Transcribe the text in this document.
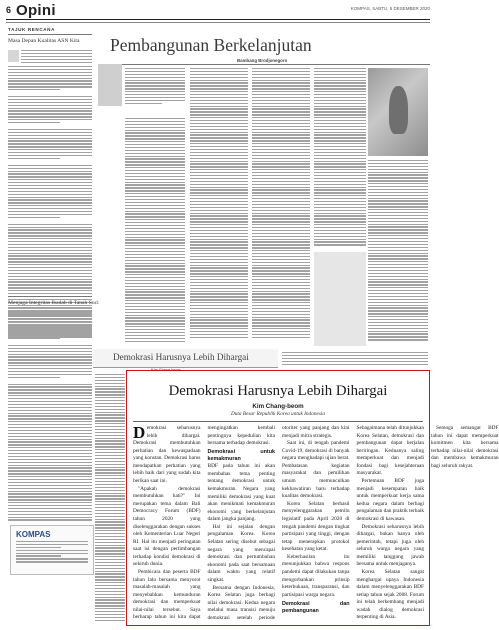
6 Opini	KOMPAS, SABTU, 5 DESEMBER 2020
TAJUK RENCANA
Masa Depan Kualitas ASN Kita
Menjaga Integritas Ibadah di Tanah Suci
KOMPAS
Pembangunan Berkelanjutan
Bambang Brodjonegoro
Demokrasi Harusnya Lebih Dihargai
Demokrasi Harusnya Lebih Dihargai
Kim Chang-beom
Duta Besar Republik Korea untuk Indonesia

Demokrasi seharusnya lebih dihargai. Demokrasi membutuhkan perhatian dan kewaspadaan yang konstan. Demokrasi harus mendapatkan perhatian yang lebih baik dari yang sudah kita berikan saat ini.

"Apakah demokrasi membutuhkan hati?" Ini merupakan tema dalam Bali Democracy Forum (BDF) tahun 2020 yang diselenggarakan dengan sukses oleh Kementerian Luar Negeri RI. Hal itu menjadi peringatan saat isi dengan pertimbangan terhadap kondisi demokrasi di seluruh dunia.

Pembicara dan peserta BDF tahun lalu bersama menyorot masalah-masalah yang menyebabkan kemunduran demokrasi dan memperkuat nilai-nilai tersebut. Saya berharap tahun ini kita dapat mengingatkan kembali pentingnya kepedulian kita bersama terhadap demokrasi.

Demokrasi untuk kemakmuran

BDF pada tahun ini akan membahas tema penting tentang demokrasi untuk kemakmuran. Negara yang memiliki demokrasi yang kuat akan menikmati kemakmuran ekonomi yang berkelanjutan dalam jangka panjang.

Hal ini sejalan dengan pengalaman Korea. Korea Selatan sering disebut sebagai negara yang mencapai demokrasi dan pertumbuhan ekonomi pada saat bersamaan dalam waktu yang relatif singkat.

Bersama dengan Indonesia, Korea Selatan juga berbagi nilai demokrasi. Kedua negara melalui masa transisi menuju demokrasi setelah periode otoriter yang panjang dan kini menjadi mitra strategis.

Saat ini, di tengah pandemi Covid-19, demokrasi di banyak negara menghadapi ujian berat. Pembatasan kegiatan masyarakat dan pemilihan umum memunculkan kekhawatiran baru terhadap kualitas demokrasi.

Korea Selatan berhasil menyelenggarakan pemilu legislatif pada April 2020 di tengah pandemi dengan tingkat partisipasi yang tinggi, dengan tetap menerapkan protokol kesehatan yang ketat.

Keberhasilan itu menunjukkan bahwa respons pandemi dapat dilakukan tanpa mengorbankan prinsip keterbukaan, transparansi, dan partisipasi warga negara.

Demokrasi dan pembangunan

Sebagaimana telah ditunjukkan Korea Selatan, demokrasi dan pembangunan dapat berjalan beriringan. Keduanya saling memperkuat dan menjadi fondasi bagi kesejahteraan masyarakat.

Pertemuan BDF juga menjadi kesempatan baik untuk memperkuat kerja sama kedua negara dalam berbagi pengalaman dan praktik terbaik demokrasi di kawasan.

Demokrasi seharusnya lebih dihargai, bukan hanya oleh pemerintah, tetapi juga oleh seluruh warga negara yang memiliki tanggung jawab bersama untuk menjaganya.

Korea Selatan sangat menghargai upaya Indonesia dalam menyelenggarakan BDF setiap tahun sejak 2008. Forum ini telah berkembang menjadi wadah dialog demokrasi terpenting di Asia.

Semoga semangat BDF tahun ini dapat memperkuat komitmen kita bersama terhadap nilai-nilai demokrasi dan membawa kemakmuran bagi seluruh rakyat.
